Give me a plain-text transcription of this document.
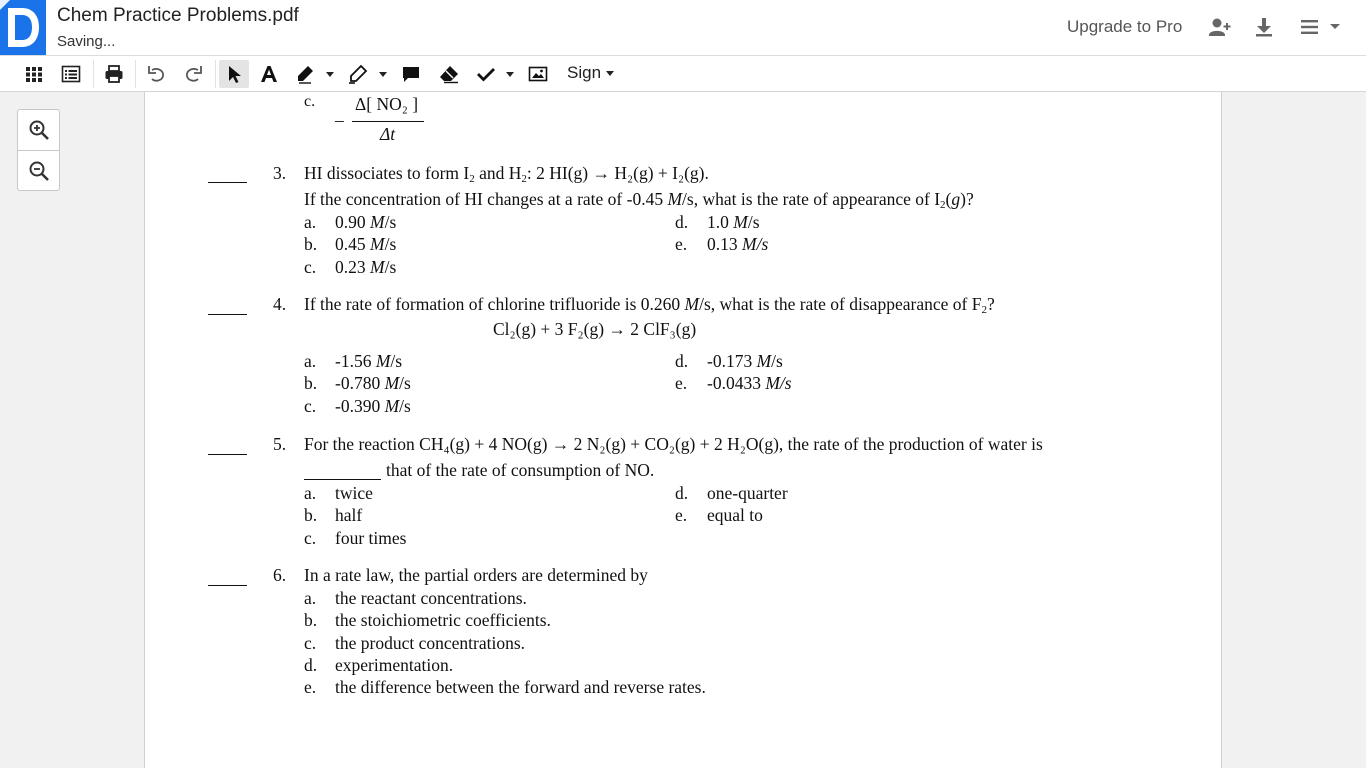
Chem Practice Problems.pdf
Saving...
Upgrade to Pro
Sign
c.
–
Δ[ NO₂ ]
Δt
3. HI dissociates to form $I_2$ and $H_2$: 2 HI(g) → H₂(g) + I₂(g).
If the concentration of HI changes at a rate of -0.45 M/s, what is the rate of appearance of $I_2(g)$?
a. 0.90 M/s
b. 0.45 M/s
c. 0.23 M/s
d. 1.0 M/s
e. 0.13 M/s
4. If the rate of formation of chlorine trifluoride is 0.260 M/s, what is the rate of disappearance of $F_2$?
Cl₂(g) + 3 F₂(g) → 2 ClF₃(g)
a. -1.56 M/s
b. -0.780 M/s
c. -0.390 M/s
d. -0.173 M/s
e. -0.0433 M/s
5. For the reaction CH₄(g) + 4 NO(g) → 2 N₂(g) + CO₂(g) + 2 H₂O(g), the rate of the production of water is
that of the rate of consumption of NO.
a. twice
b. half
c. four times
d. one-quarter
e. equal to
6. In a rate law, the partial orders are determined by
a. the reactant concentrations.
b. the stoichiometric coefficients.
c. the product concentrations.
d. experimentation.
e. the difference between the forward and reverse rates.
